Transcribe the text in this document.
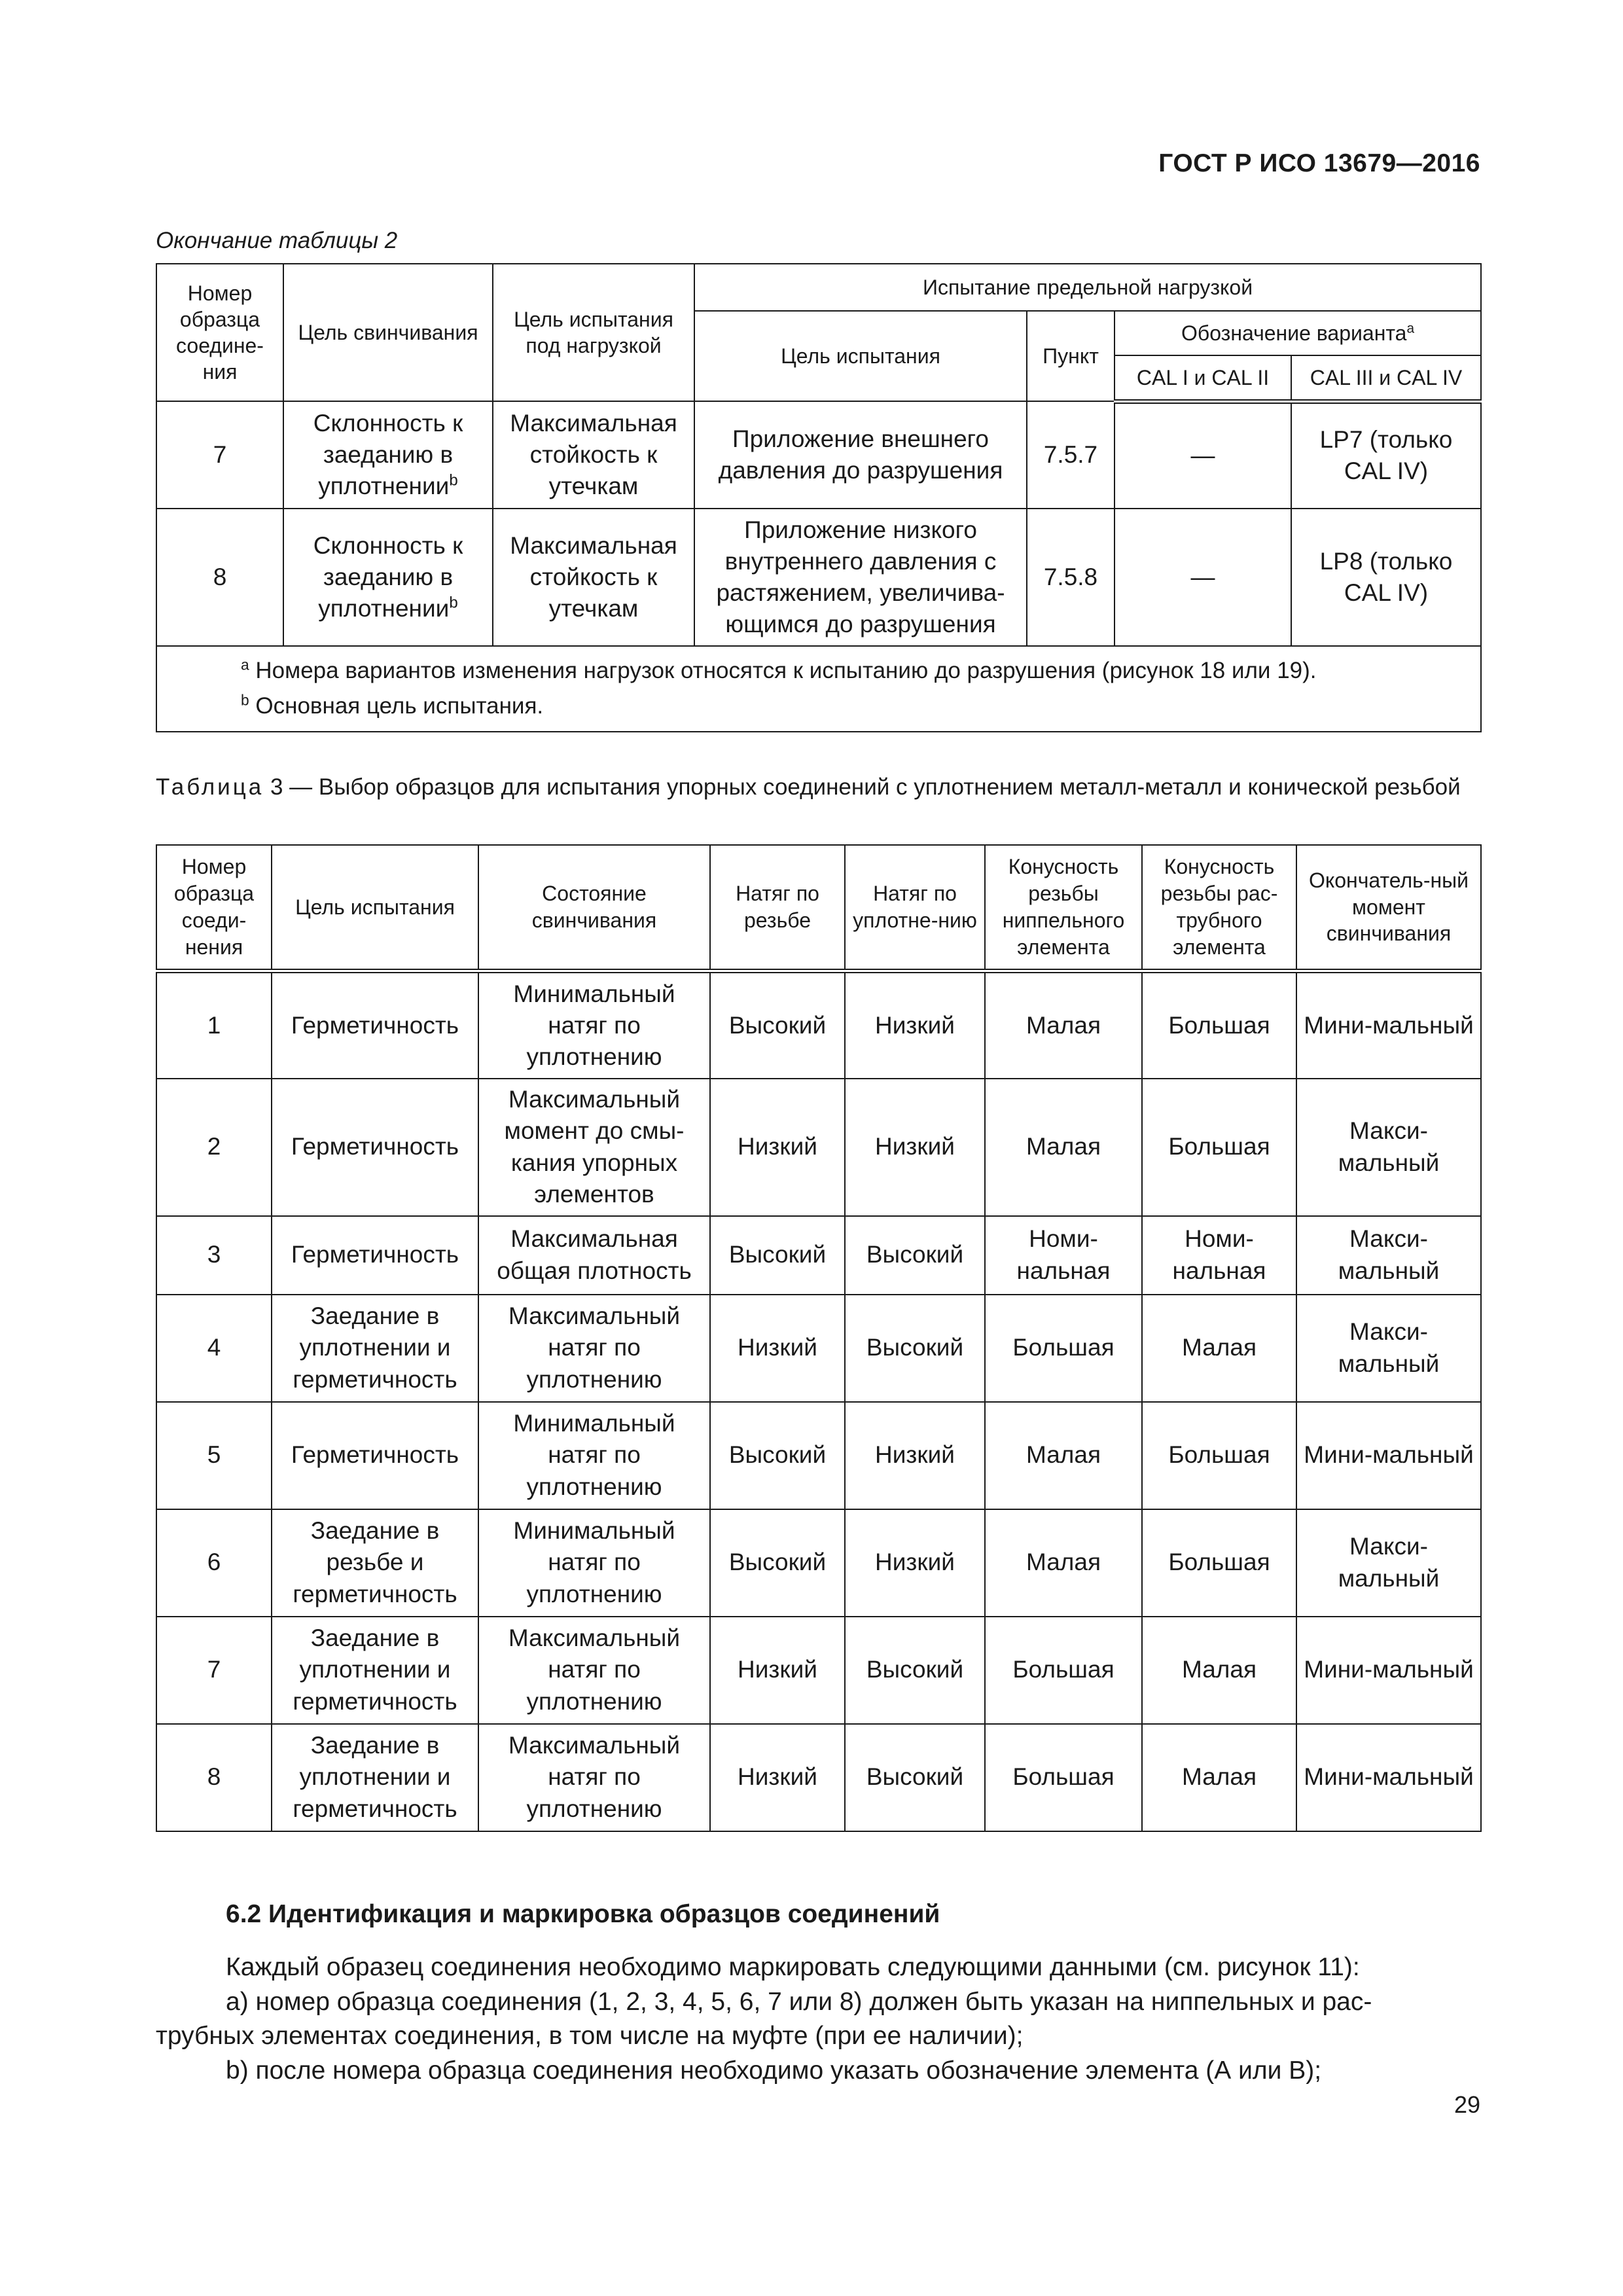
ГОСТ Р ИСО 13679—2016
Окончание таблицы 2
Номер образца соедине-ния	Цель свинчивания	Цель испытания под нагрузкой	Испытание предельной нагрузкой			
			Цель испытания	Пункт	Обозначение варианта$^a$
					CAL I и CAL II	CAL III и CAL IV
7	Склонность к заеданию в уплотнении$^b$	Максимальная стойкость к утечкам	Приложение внешнего давления до разрушения	7.5.7	—	LP7 (только CAL IV)
8	Склонность к заеданию в уплотнении$^b$	Максимальная стойкость к утечкам	Приложение низкого внутреннего давления с растяжением, увеличива-ющимся до разрушения	7.5.8	—	LP8 (только CAL IV)

$^a$ Номера вариантов изменения нагрузок относятся к испытанию до разрушения (рисунок 18 или 19).
$^b$ Основная цель испытания.						
Таблица 3 — Выбор образцов для испытания упорных соединений с уплотнением металл-металл и конической резьбой
Номер образца соеди-нения	Цель испытания	Состояние свинчивания	Натяг по резьбе	Натяг по уплотне-нию	Конусность резьбы ниппельного элемента	Конусность резьбы рас-трубного элемента	Окончатель-ный момент свинчивания
1	Герметичность	Минимальный натяг по уплотнению	Высокий	Низкий	Малая	Большая	Мини-мальный
2	Герметичность	Максимальный момент до смы-кания упорных элементов	Низкий	Низкий	Малая	Большая	Макси-мальный
3	Герметичность	Максимальная общая плотность	Высокий	Высокий	Номи-нальная	Номи-нальная	Макси-мальный
4	Заедание в уплотнении и герметичность	Максимальный натяг по уплотнению	Низкий	Высокий	Большая	Малая	Макси-мальный
5	Герметичность	Минимальный натяг по уплотнению	Высокий	Низкий	Малая	Большая	Мини-мальный
6	Заедание в резьбе и герметичность	Минимальный натяг по уплотнению	Высокий	Низкий	Малая	Большая	Макси-мальный
7	Заедание в уплотнении и герметичность	Максимальный натяг по уплотнению	Низкий	Высокий	Большая	Малая	Мини-мальный
8	Заедание в уплотнении и герметичность	Максимальный натяг по уплотнению	Низкий	Высокий	Большая	Малая	Мини-мальный
6.2 Идентификация и маркировка образцов соединений
Каждый образец соединения необходимо маркировать следующими данными (см. рисунок 11):
a) номер образца соединения (1, 2, 3, 4, 5, 6, 7 или 8) должен быть указан на ниппельных и рас-
трубных элементах соединения, в том числе на муфте (при ее наличии);
b) после номера образца соединения необходимо указать обозначение элемента (А или В);
29
